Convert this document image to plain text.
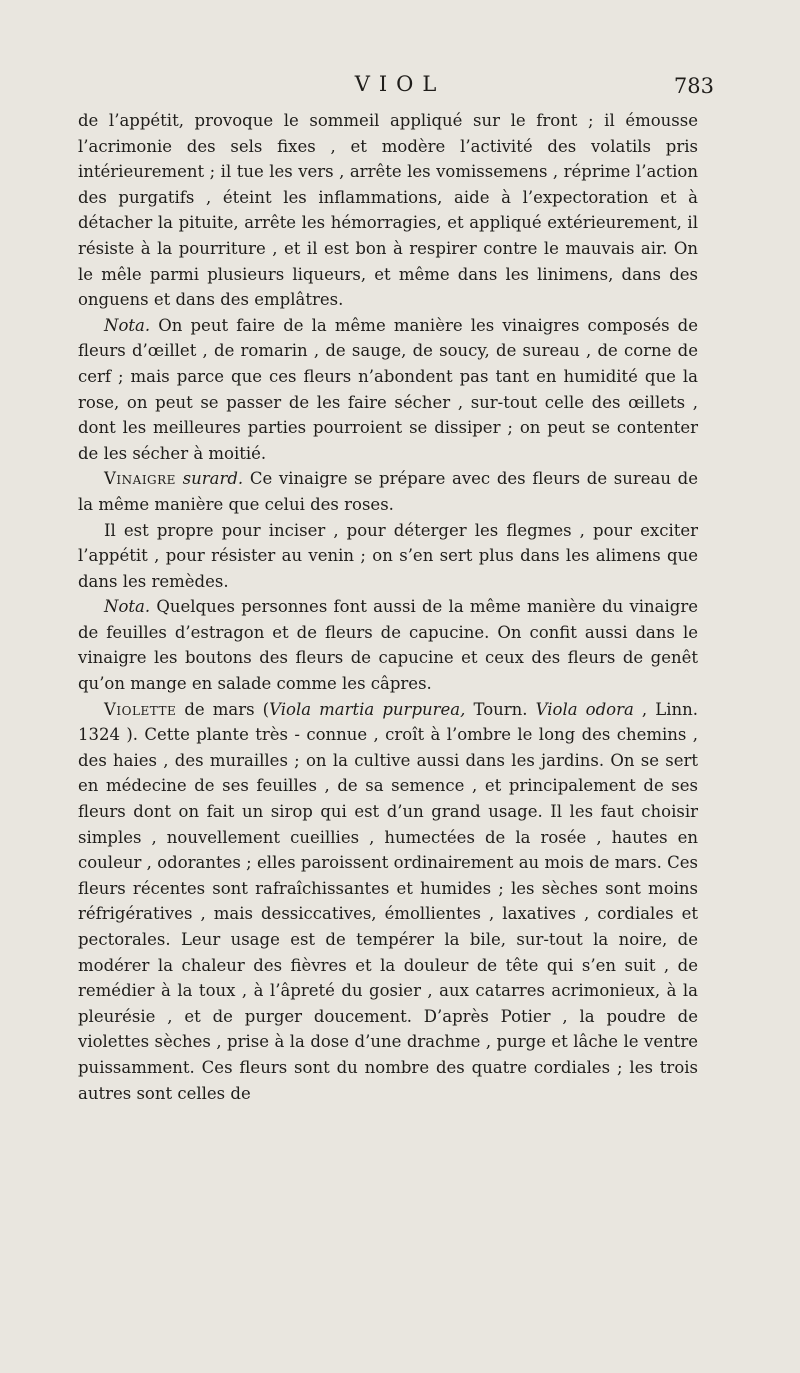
VIOL	783

de l’appétit, provoque le sommeil appliqué sur le front ; il émousse l’acrimonie des sels fixes , et modère l’activité des volatils pris intérieurement ; il tue les vers , arrête les vomissemens , réprime l’action des purgatifs , éteint les inflammations, aide à l’expectoration et à détacher la pituite, arrête les hémorragies, et appliqué extérieurement, il résiste à la pourriture , et il est bon à respirer contre le mauvais air. On le mêle parmi plusieurs liqueurs, et même dans les linimens, dans des onguens et dans des emplâtres.

Nota. On peut faire de la même manière les vinaigres composés de fleurs d’œillet , de romarin , de sauge, de soucy, de sureau , de corne de cerf ; mais parce que ces fleurs n’abondent pas tant en humidité que la rose, on peut se passer de les faire sécher , sur-tout celle des œillets , dont les meilleures parties pourroient se dissiper ; on peut se contenter de les sécher à moitié.

Vinaigre surard. Ce vinaigre se prépare avec des fleurs de sureau de la même manière que celui des roses.

Il est propre pour inciser , pour déterger les flegmes , pour exciter l’appétit , pour résister au venin ; on s’en sert plus dans les alimens que dans les remèdes.

Nota. Quelques personnes font aussi de la même manière du vinaigre de feuilles d’estragon et de fleurs de capucine. On confit aussi dans le vinaigre les boutons des fleurs de capucine et ceux des fleurs de genêt qu’on mange en salade comme les câpres.

Violette de mars (Viola martia purpurea, Tourn. Viola odora , Linn. 1324 ). Cette plante très - connue , croît à l’ombre le long des chemins , des haies , des murailles ; on la cultive aussi dans les jardins. On se sert en médecine de ses feuilles , de sa semence , et principalement de ses fleurs dont on fait un sirop qui est d’un grand usage. Il les faut choisir simples , nouvellement cueillies , humectées de la rosée , hautes en couleur , odorantes ; elles paroissent ordinairement au mois de mars. Ces fleurs récentes sont rafraîchissantes et humides ; les sèches sont moins réfrigératives , mais dessiccatives, émollientes , laxatives , cordiales et pectorales. Leur usage est de tempérer la bile, sur-tout la noire, de modérer la chaleur des fièvres et la douleur de tête qui s’en suit , de remédier à la toux , à l’âpreté du gosier , aux catarres acrimonieux, à la pleurésie , et de purger doucement. D’après Potier , la poudre de violettes sèches , prise à la dose d’une drachme , purge et lâche le ventre puissamment. Ces fleurs sont du nombre des quatre cordiales ; les trois autres sont celles de
